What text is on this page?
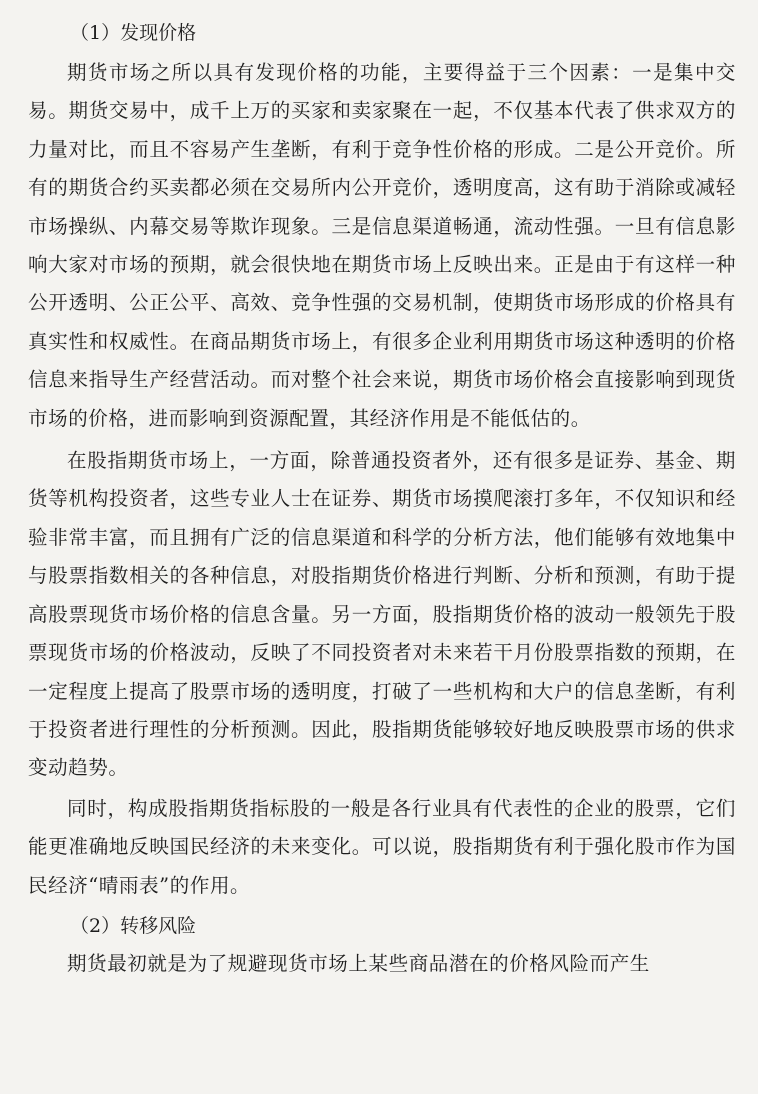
（1）发现价格

期货市场之所以具有发现价格的功能，主要得益于三个因素：一是集中交易。期货交易中，成千上万的买家和卖家聚在一起，不仅基本代表了供求双方的力量对比，而且不容易产生垄断，有利于竞争性价格的形成。二是公开竞价。所有的期货合约买卖都必须在交易所内公开竞价，透明度高，这有助于消除或减轻市场操纵、内幕交易等欺诈现象。三是信息渠道畅通，流动性强。一旦有信息影响大家对市场的预期，就会很快地在期货市场上反映出来。正是由于有这样一种公开透明、公正公平、高效、竞争性强的交易机制，使期货市场形成的价格具有真实性和权威性。在商品期货市场上，有很多企业利用期货市场这种透明的价格信息来指导生产经营活动。而对整个社会来说，期货市场价格会直接影响到现货市场的价格，进而影响到资源配置，其经济作用是不能低估的。

在股指期货市场上，一方面，除普通投资者外，还有很多是证券、基金、期货等机构投资者，这些专业人士在证券、期货市场摸爬滚打多年，不仅知识和经验非常丰富，而且拥有广泛的信息渠道和科学的分析方法，他们能够有效地集中与股票指数相关的各种信息，对股指期货价格进行判断、分析和预测，有助于提高股票现货市场价格的信息含量。另一方面，股指期货价格的波动一般领先于股票现货市场的价格波动，反映了不同投资者对未来若干月份股票指数的预期，在一定程度上提高了股票市场的透明度，打破了一些机构和大户的信息垄断，有利于投资者进行理性的分析预测。因此，股指期货能够较好地反映股票市场的供求变动趋势。

同时，构成股指期货指标股的一般是各行业具有代表性的企业的股票，它们能更准确地反映国民经济的未来变化。可以说，股指期货有利于强化股市作为国民经济“晴雨表”的作用。

（2）转移风险

期货最初就是为了规避现货市场上某些商品潜在的价格风险而产生
